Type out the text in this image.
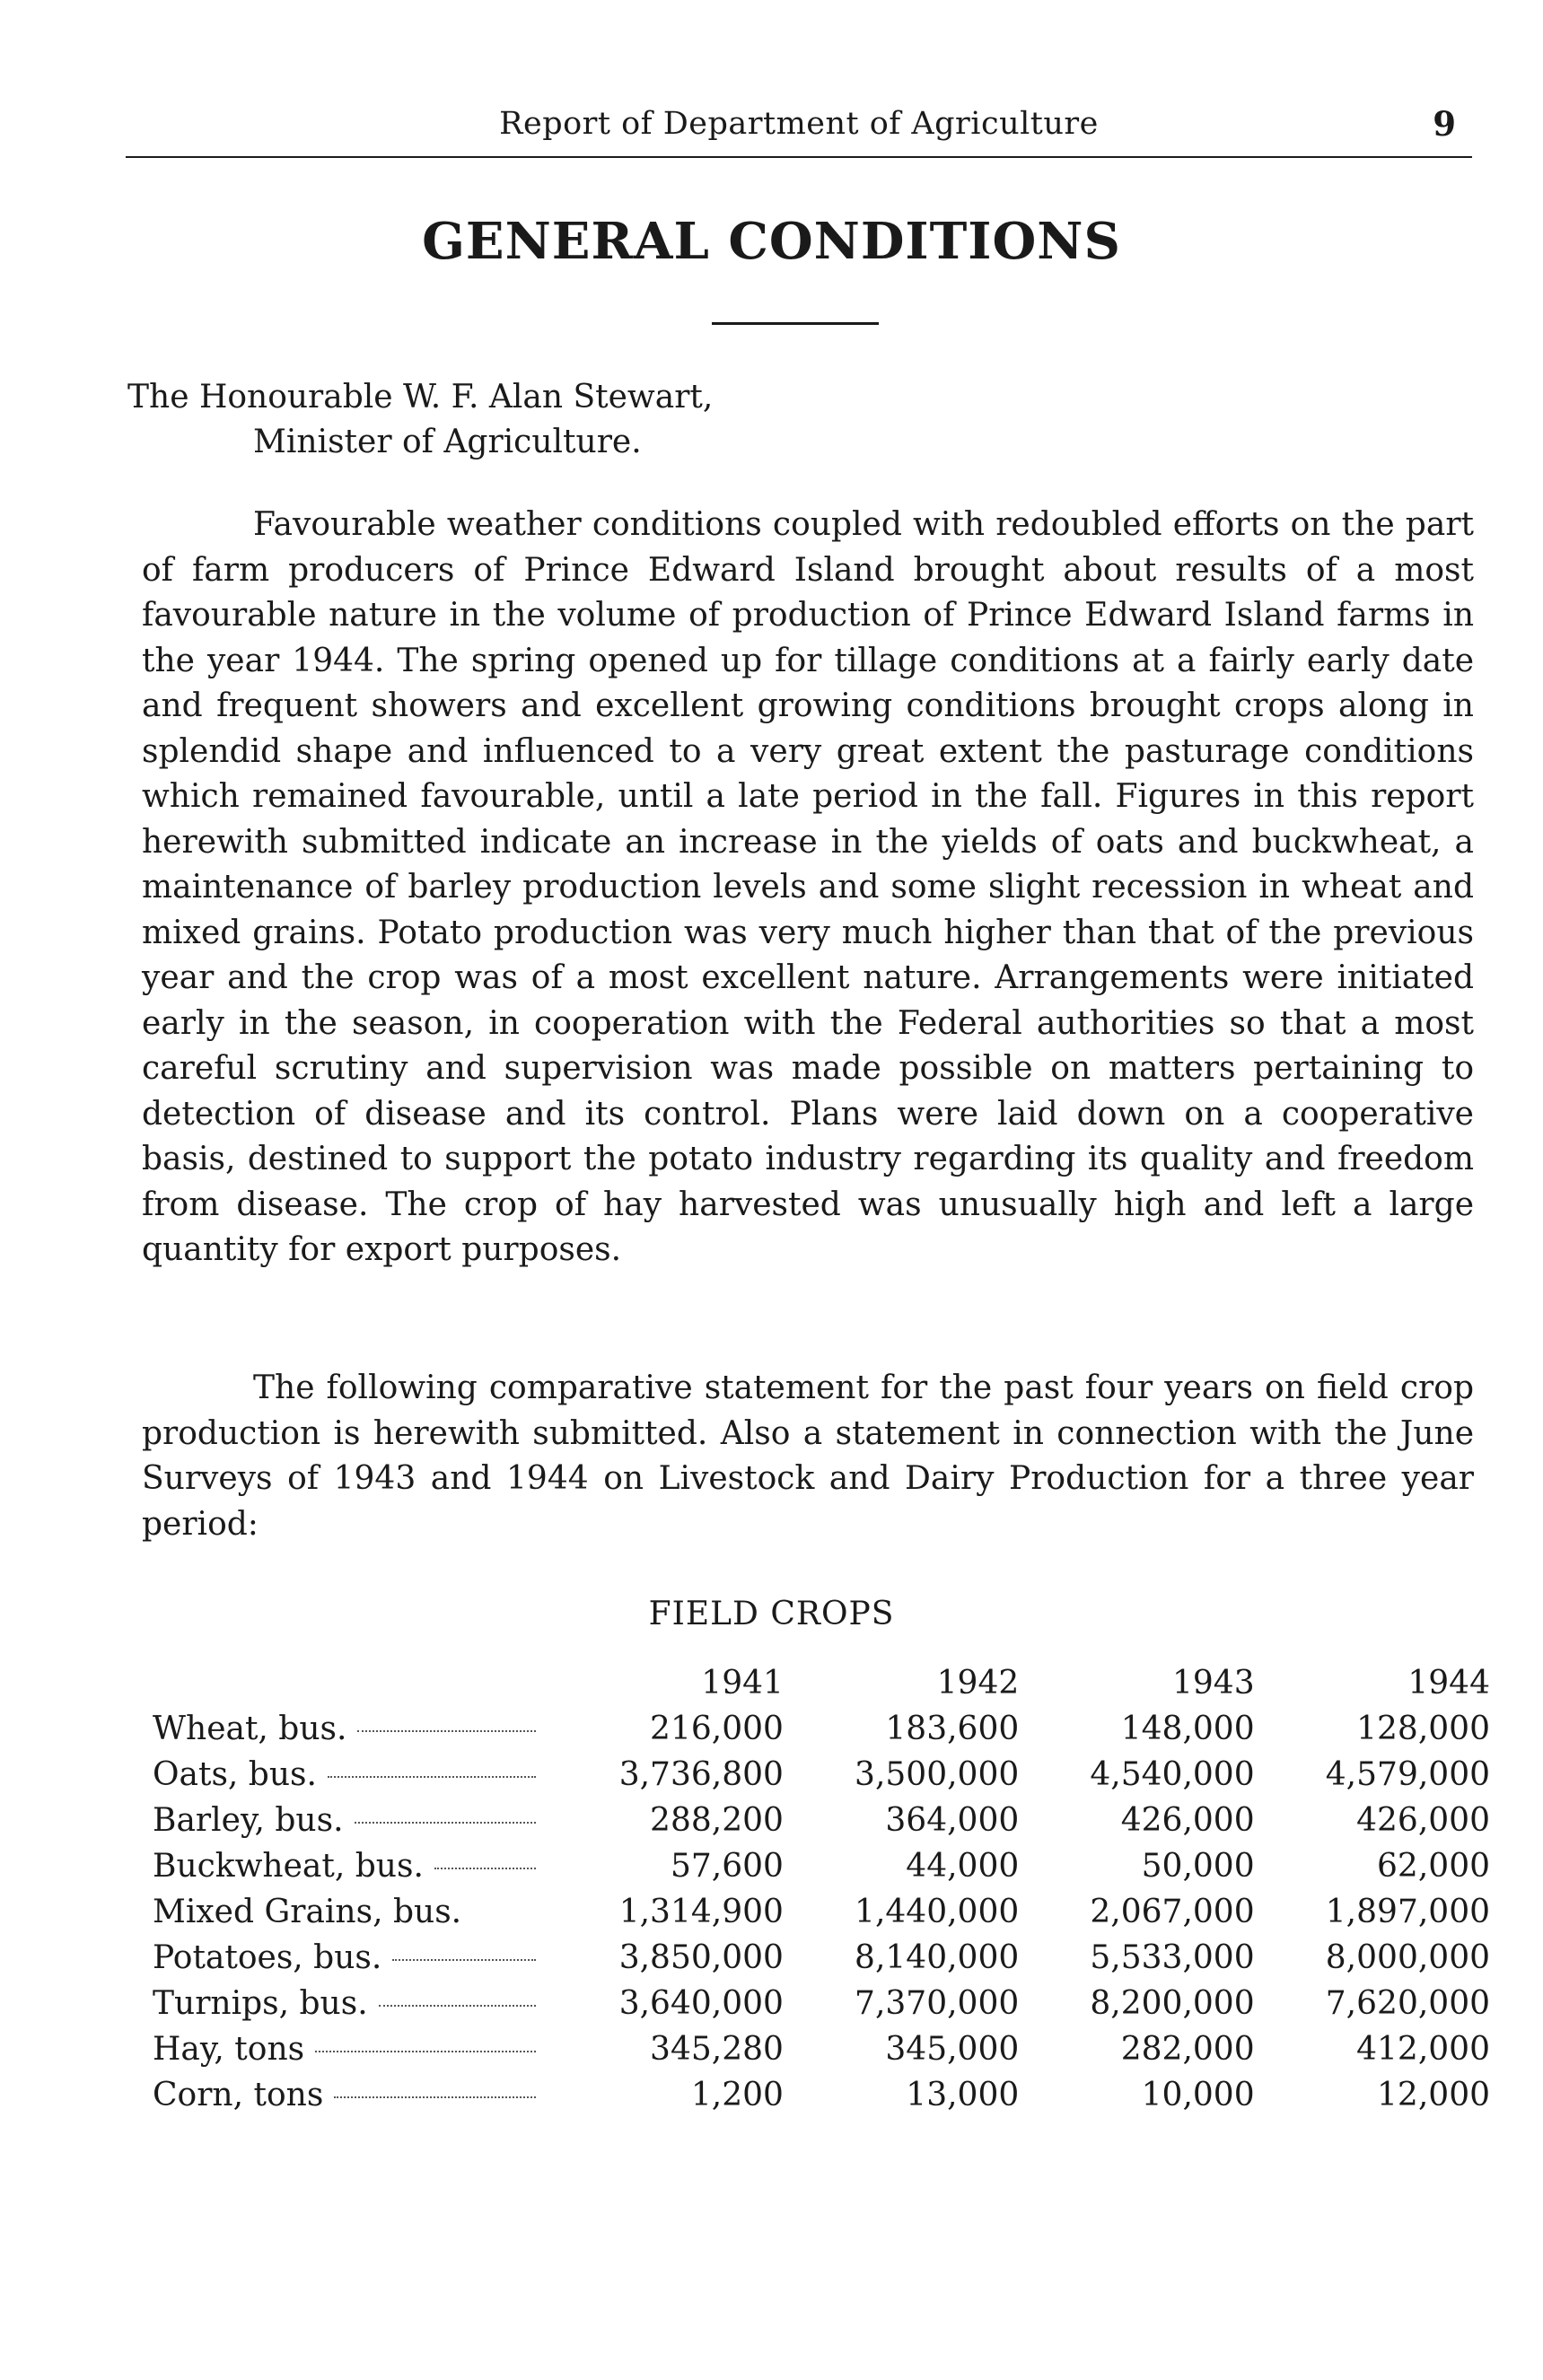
Report of Department of Agriculture	9
GENERAL CONDITIONS
The Honourable W. F. Alan Stewart,
Minister of Agriculture.

Favourable weather conditions coupled with redoubled efforts on the part of farm producers of Prince Edward Island brought about results of a most favourable nature in the volume of production of Prince Edward Island farms in the year 1944. The spring opened up for tillage conditions at a fairly early date and frequent showers and excellent growing conditions brought crops along in splendid shape and influenced to a very great extent the pasturage conditions which remained favourable, until a late period in the fall. Figures in this report herewith submitted indicate an increase in the yields of oats and buckwheat, a maintenance of barley production levels and some slight recession in wheat and mixed grains. Potato production was very much higher than that of the previous year and the crop was of a most excellent nature. Arrangements were initiated early in the season, in cooperation with the Federal authorities so that a most careful scrutiny and supervision was made possible on matters pertaining to detection of disease and its control. Plans were laid down on a cooperative basis, destined to support the potato industry regarding its quality and freedom from disease. The crop of hay harvested was unusually high and left a large quantity for export purposes.

The following comparative statement for the past four years on field crop production is herewith submitted. Also a statement in connection with the June Surveys of 1943 and 1944 on Livestock and Dairy Production for a three year period:

FIELD CROPS
	1941	1942	1943	1944

Wheat, bus.	216,000	183,600	148,000	128,000

Oats, bus.	3,736,800	3,500,000	4,540,000	4,579,000

Barley, bus.	288,200	364,000	426,000	426,000

Buckwheat, bus.	57,600	44,000	50,000	62,000

Mixed Grains, bus.	1,314,900	1,440,000	2,067,000	1,897,000

Potatoes, bus.	3,850,000	8,140,000	5,533,000	8,000,000

Turnips, bus.	3,640,000	7,370,000	8,200,000	7,620,000

Hay, tons	345,280	345,000	282,000	412,000

Corn, tons	1,200	13,000	10,000	12,000
